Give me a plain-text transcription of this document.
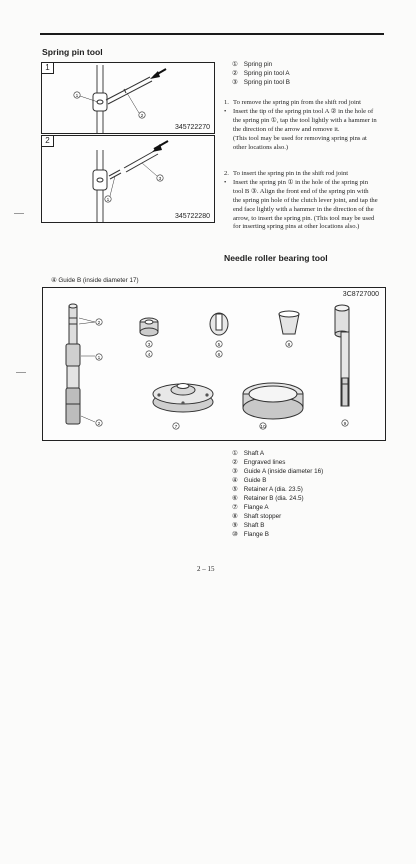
Spring pin tool
1
1
2
345722270
2
1
3
345722280
① Spring pin
② Spring pin tool A
③ Spring pin tool B
1. To remove the spring pin from the shift rod joint
• Insert the tip of the spring pin tool A ② in the hole of
the spring pin ①, tap the tool lightly with a hammer in
the direction of the arrow and remove it.
(This tool may be used for removing spring pins at
other locations also.)
2. To insert the spring pin in the shift rod joint
• Insert the spring pin ① in the hole of the spring pin
tool B ③. Align the front end of the spring pin with
the spring pin hole of the clutch lever joint, and tap the
end face lightly with a hammer in the direction of the
arrow, to insert the spring pin. (This tool may be used
for inserting spring pins at other locations also.)
Needle roller bearing tool
④ Guide B (inside diameter 17)
3C8727000
2
1
2
3
4
5
6
8
7	10
9
① Shaft A
② Engraved lines
③ Guide A (inside diameter 16)
④ Guide B
⑤ Retainer A (dia. 23.5)
⑥ Retainer B (dia. 24.5)
⑦ Flange A
⑧ Shaft stopper
⑨ Shaft B
⑩ Flange B
2 – 15
